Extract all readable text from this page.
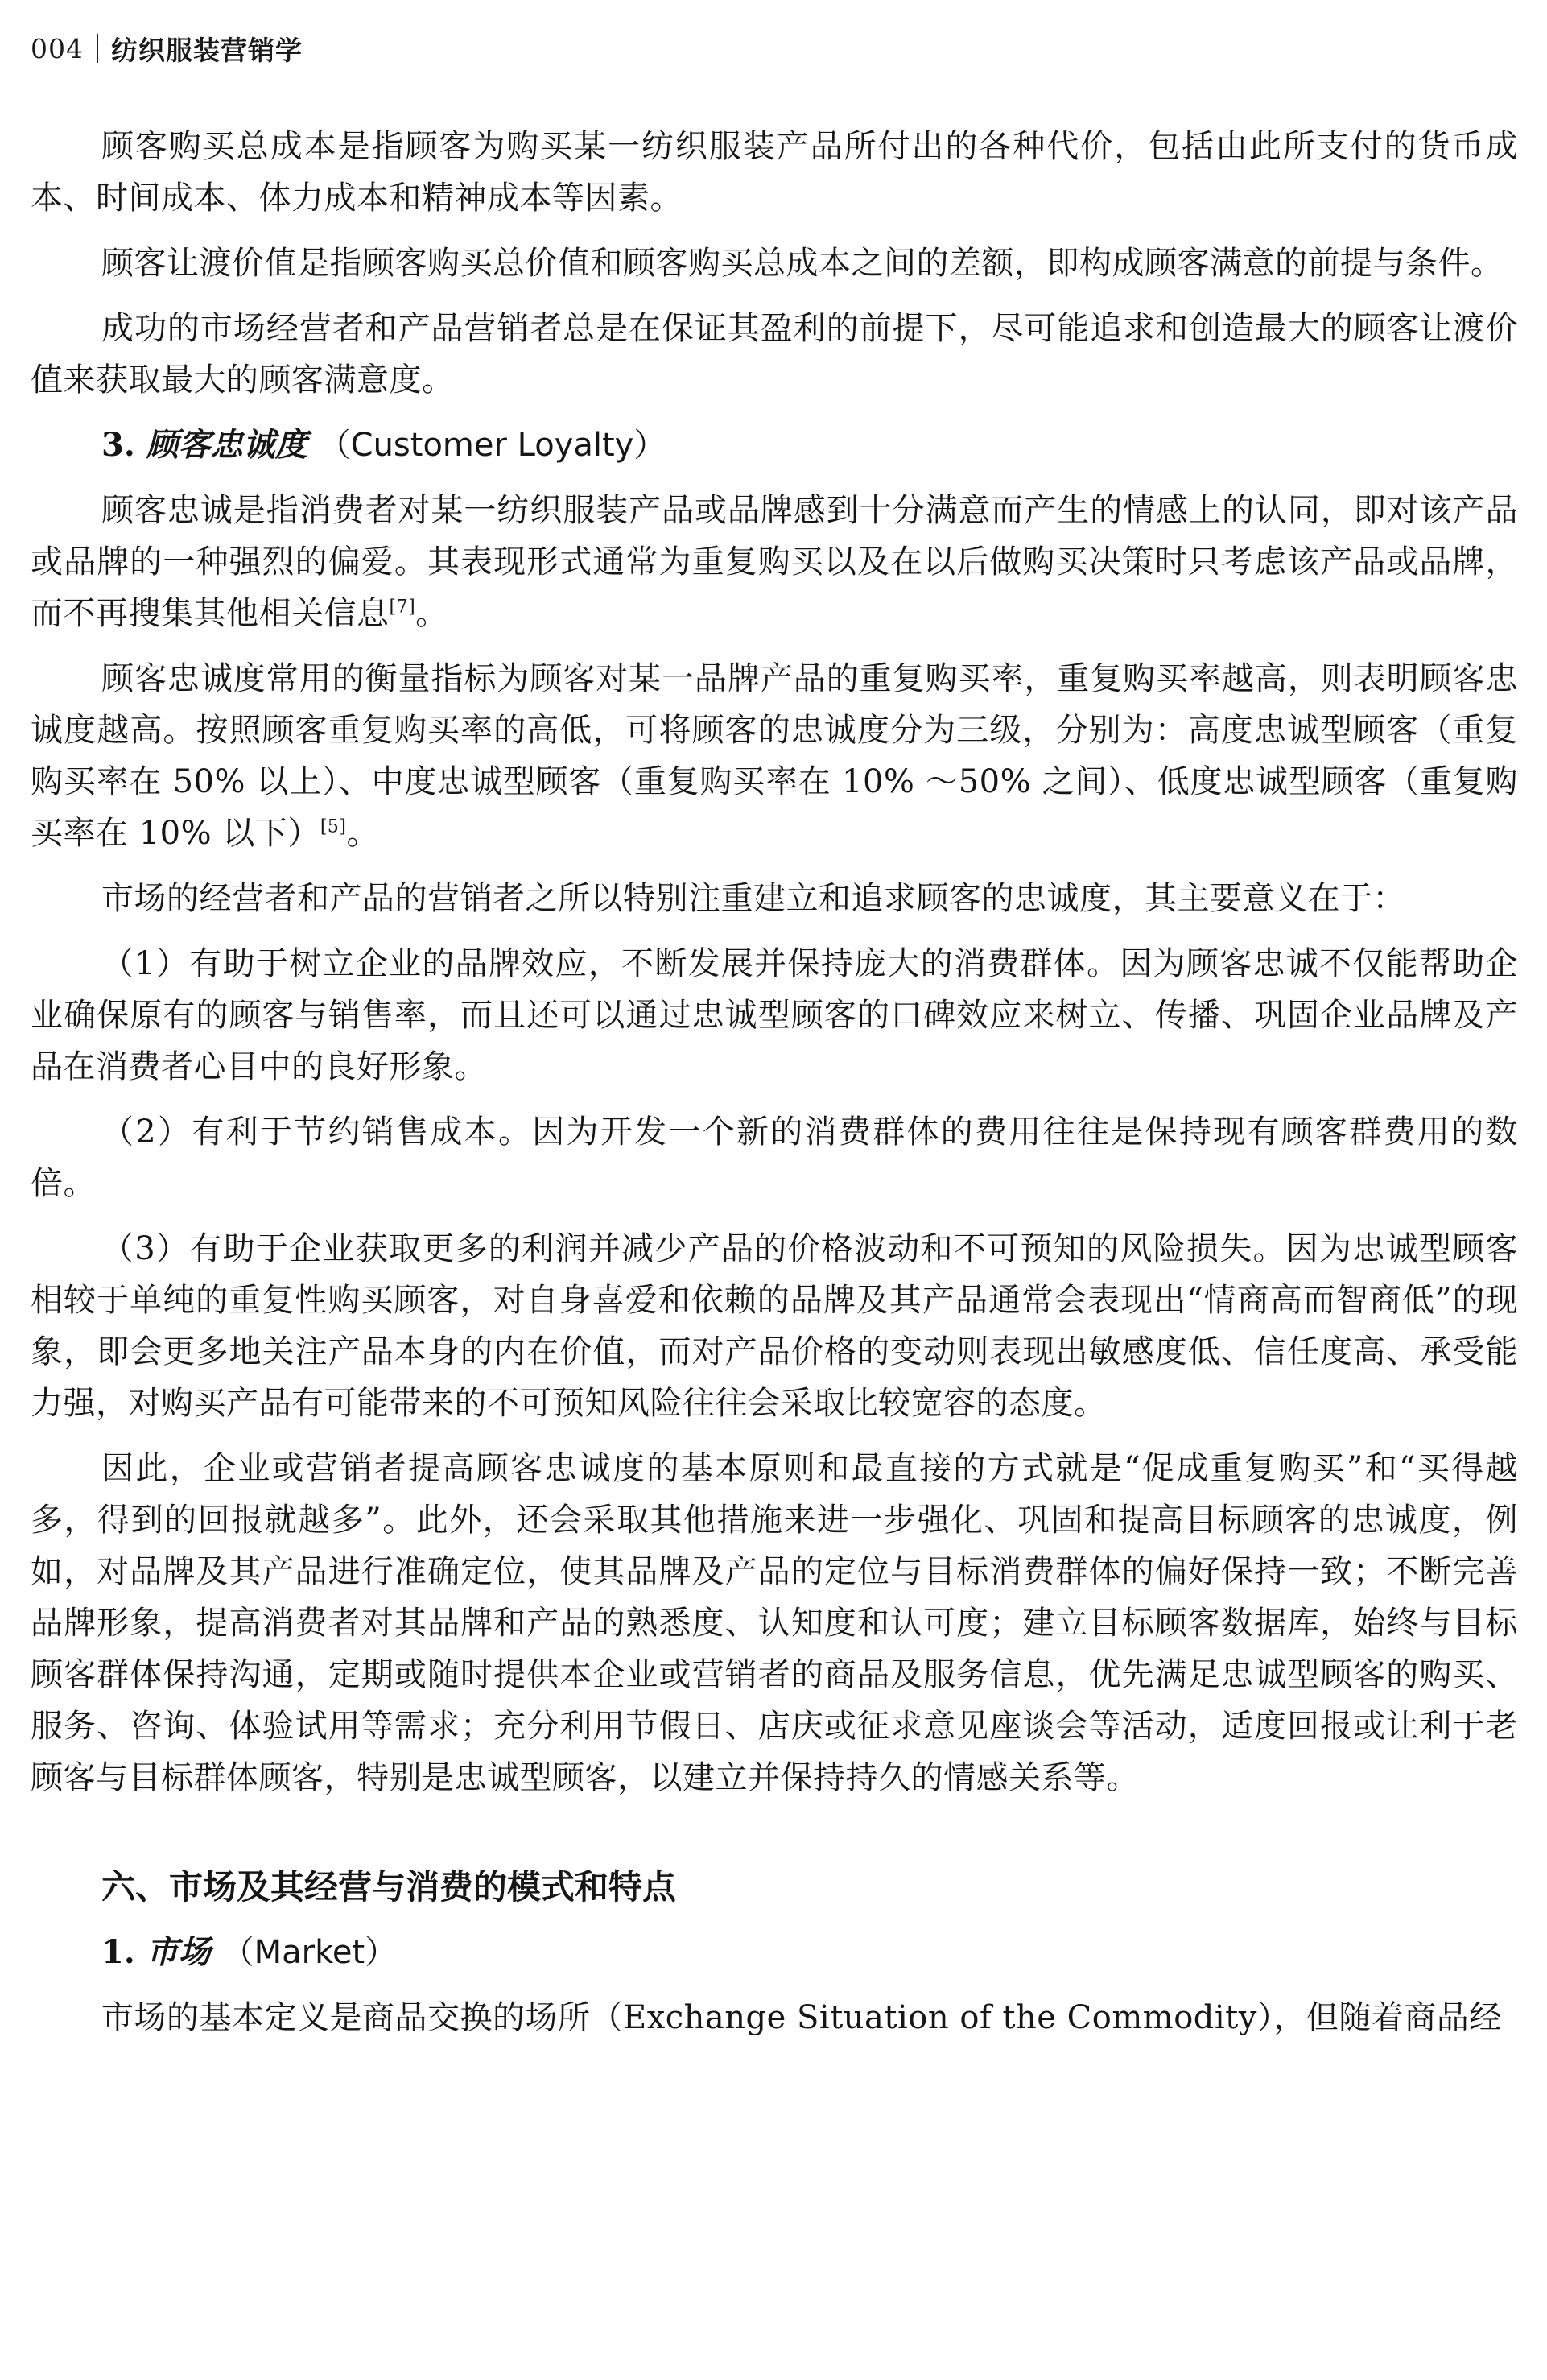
004 纺织服装营销学

顾客购买总成本是指顾客为购买某一纺织服装产品所付出的各种代价，包括由此所支付的货币成本、时间成本、体力成本和精神成本等因素。

顾客让渡价值是指顾客购买总价值和顾客购买总成本之间的差额，即构成顾客满意的前提与条件。

成功的市场经营者和产品营销者总是在保证其盈利的前提下，尽可能追求和创造最大的顾客让渡价值来获取最大的顾客满意度。

3. 顾客忠诚度 （Customer Loyalty）

顾客忠诚是指消费者对某一纺织服装产品或品牌感到十分满意而产生的情感上的认同，即对该产品或品牌的一种强烈的偏爱。其表现形式通常为重复购买以及在以后做购买决策时只考虑该产品或品牌，而不再搜集其他相关信息[7]。

顾客忠诚度常用的衡量指标为顾客对某一品牌产品的重复购买率，重复购买率越高，则表明顾客忠诚度越高。按照顾客重复购买率的高低，可将顾客的忠诚度分为三级，分别为：高度忠诚型顾客（重复购买率在 50% 以上）、中度忠诚型顾客（重复购买率在 10% ～50% 之间）、低度忠诚型顾客（重复购买率在 10% 以下）[5]。

市场的经营者和产品的营销者之所以特别注重建立和追求顾客的忠诚度，其主要意义在于：

（1）有助于树立企业的品牌效应，不断发展并保持庞大的消费群体。因为顾客忠诚不仅能帮助企业确保原有的顾客与销售率，而且还可以通过忠诚型顾客的口碑效应来树立、传播、巩固企业品牌及产品在消费者心目中的良好形象。

（2）有利于节约销售成本。因为开发一个新的消费群体的费用往往是保持现有顾客群费用的数倍。

（3）有助于企业获取更多的利润并减少产品的价格波动和不可预知的风险损失。因为忠诚型顾客相较于单纯的重复性购买顾客，对自身喜爱和依赖的品牌及其产品通常会表现出“情商高而智商低”的现象，即会更多地关注产品本身的内在价值，而对产品价格的变动则表现出敏感度低、信任度高、承受能力强，对购买产品有可能带来的不可预知风险往往会采取比较宽容的态度。

因此，企业或营销者提高顾客忠诚度的基本原则和最直接的方式就是“促成重复购买”和“买得越多，得到的回报就越多”。此外，还会采取其他措施来进一步强化、巩固和提高目标顾客的忠诚度，例如，对品牌及其产品进行准确定位，使其品牌及产品的定位与目标消费群体的偏好保持一致；不断完善品牌形象，提高消费者对其品牌和产品的熟悉度、认知度和认可度；建立目标顾客数据库，始终与目标顾客群体保持沟通，定期或随时提供本企业或营销者的商品及服务信息，优先满足忠诚型顾客的购买、服务、咨询、体验试用等需求；充分利用节假日、店庆或征求意见座谈会等活动，适度回报或让利于老顾客与目标群体顾客，特别是忠诚型顾客，以建立并保持持久的情感关系等。

六、市场及其经营与消费的模式和特点

1. 市场 （Market）

市场的基本定义是商品交换的场所（Exchange Situation of the Commodity），但随着商品经
